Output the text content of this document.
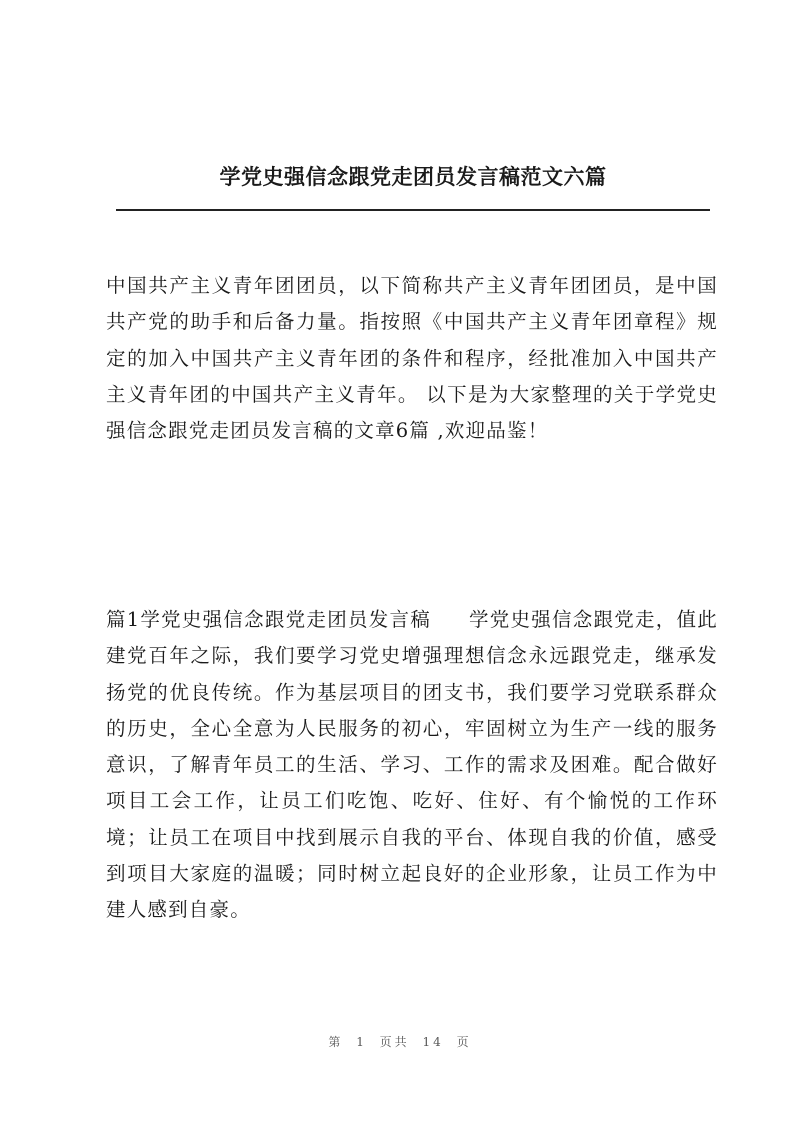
学党史强信念跟党走团员发言稿范文六篇

中国共产主义青年团团员，以下简称共产主义青年团团员，是中国共产党的助手和后备力量。指按照《中国共产主义青年团章程》规定的加入中国共产主义青年团的条件和程序，经批准加入中国共产主义青年团的中国共产主义青年。 以下是为大家整理的关于学党史强信念跟党走团员发言稿的文章6篇 ,欢迎品鉴！

篇1学党史强信念跟党走团员发言稿 学党史强信念跟党走，值此建党百年之际，我们要学习党史增强理想信念永远跟党走，继承发扬党的优良传统。作为基层项目的团支书，我们要学习党联系群众的历史，全心全意为人民服务的初心，牢固树立为生产一线的服务意识，了解青年员工的生活、学习、工作的需求及困难。配合做好项目工会工作，让员工们吃饱、吃好、住好、有个愉悦的工作环境；让员工在项目中找到展示自我的平台、体现自我的价值，感受到项目大家庭的温暖；同时树立起良好的企业形象，让员工作为中建人感到自豪。

第 1 页共 14 页
